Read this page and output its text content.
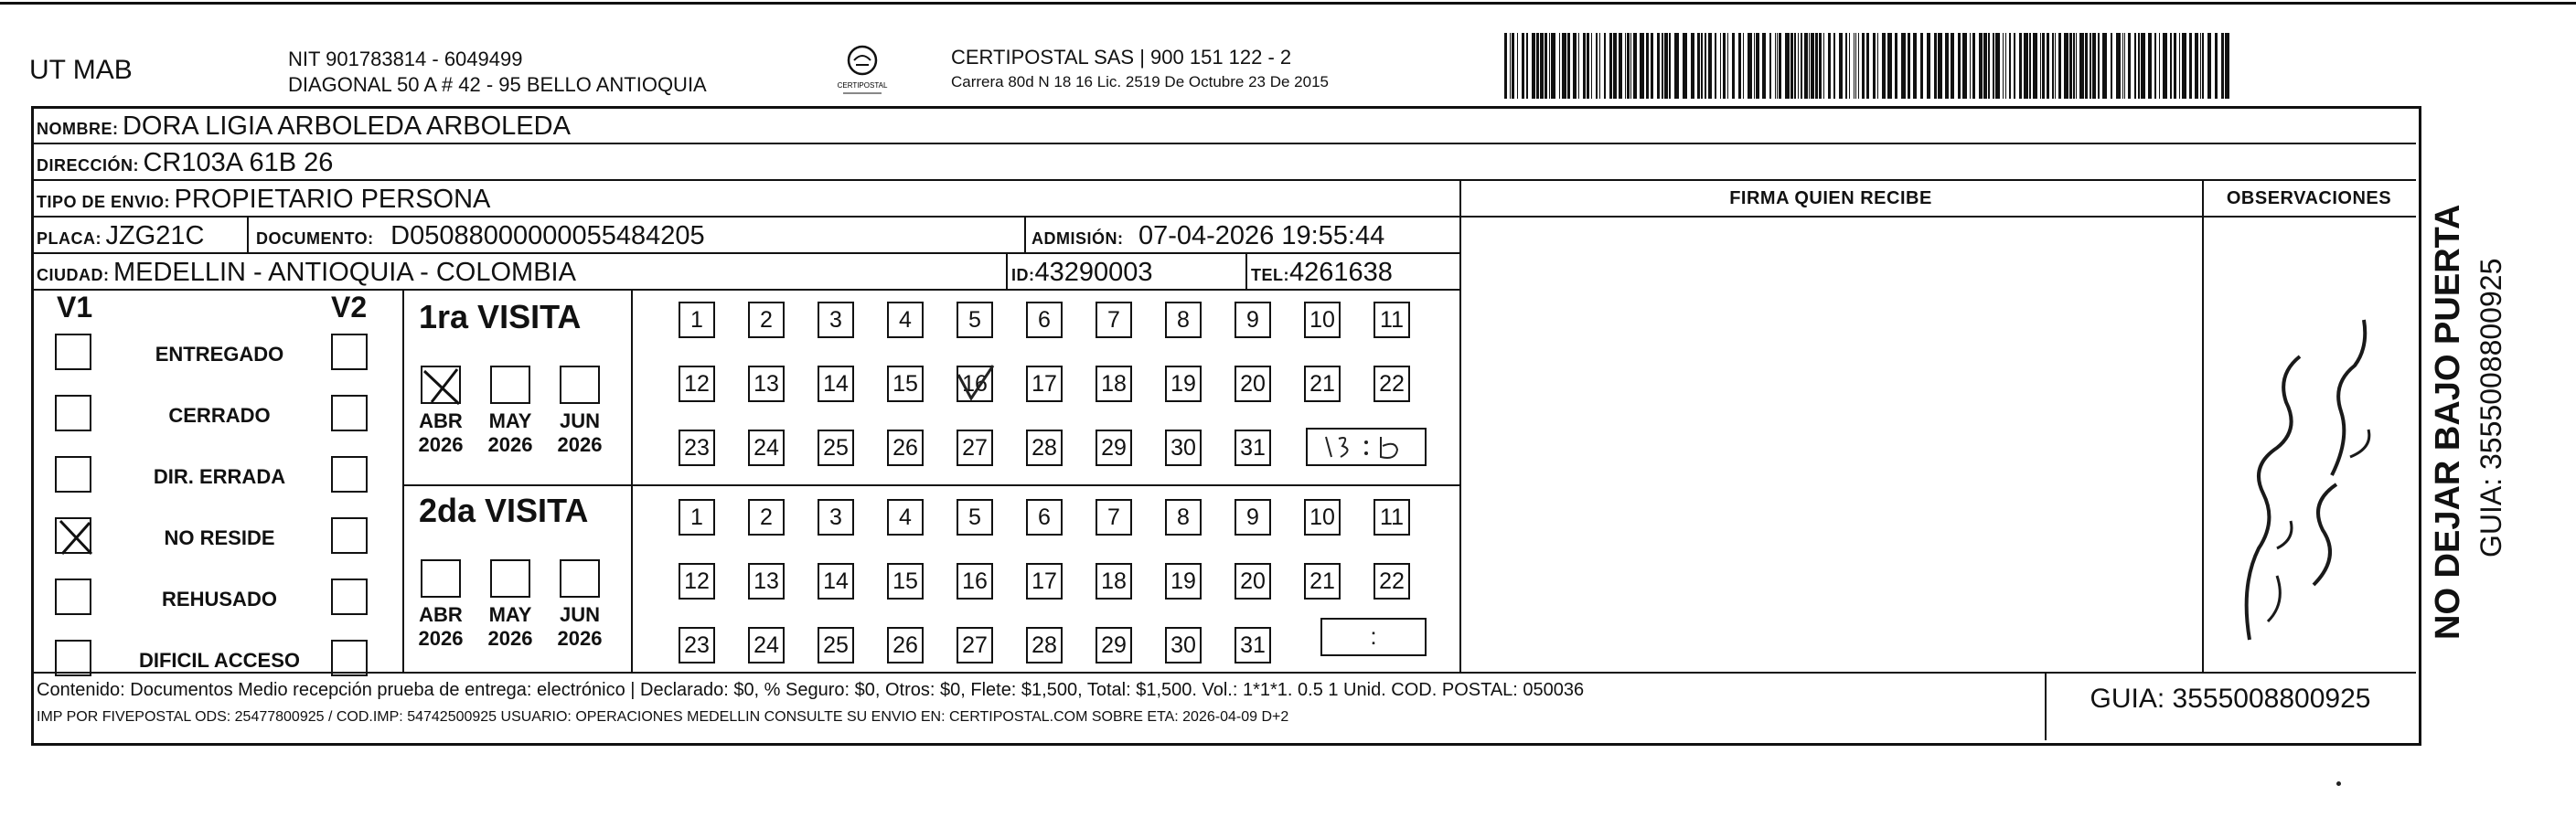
UT MAB	NIT 901783814 - 6049499
DIAGONAL 50 A # 42 - 95 BELLO ANTIOQUIA	CERTIPOSTAL
CERTIPOSTAL SAS | 900 151 122 - 2
Carrera 80d N 18 16 Lic. 2519 De Octubre 23 De 2015
NOMBRE: DORA LIGIA ARBOLEDA ARBOLEDA
DIRECCIÓN: CR103A 61B 26
TIPO DE ENVIO: PROPIETARIO PERSONA
PLACA: JZG21C	DOCUMENTO: D05088000000055484205	ADMISIÓN: 07-04-2026 19:55:44
CIUDAD: MEDELLIN - ANTIOQUIA - COLOMBIA	ID:43290003	TEL:4261638
FIRMA QUIEN RECIBE	OBSERVACIONES
V1	V2
ENTREGADO
CERRADO
DIR. ERRADA
NO RESIDE
REHUSADO
DIFICIL ACCESO
1ra VISITA
2da VISITA
ABR
2026
MAY
2026
JUN
2026
ABR
2026
MAY
2026
JUN
2026
1 2 3 4 5 6 7 8 9 10 11
12 13 14 15 16 17 18 19 20 21 22
23 24 25 26 27 28 29 30 31
1 2 3 4 5 6 7 8 9 10 11
12 13 14 15 16 17 18 19 20 21 22
23 24 25 26 27 28 29 30 31	:
Contenido: Documentos Medio recepción prueba de entrega: electrónico | Declarado: $0, % Seguro: $0, Otros: $0, Flete: $1,500, Total: $1,500. Vol.: 1*1*1. 0.5 1 Unid. COD. POSTAL: 050036
IMP POR FIVEPOSTAL ODS: 25477800925 / COD.IMP: 54742500925 USUARIO: OPERACIONES MEDELLIN CONSULTE SU ENVIO EN: CERTIPOSTAL.COM SOBRE ETA: 2026-04-09 D+2
GUIA: 3555008800925
NO DEJAR BAJO PUERTA GUIA: 3555008800925
